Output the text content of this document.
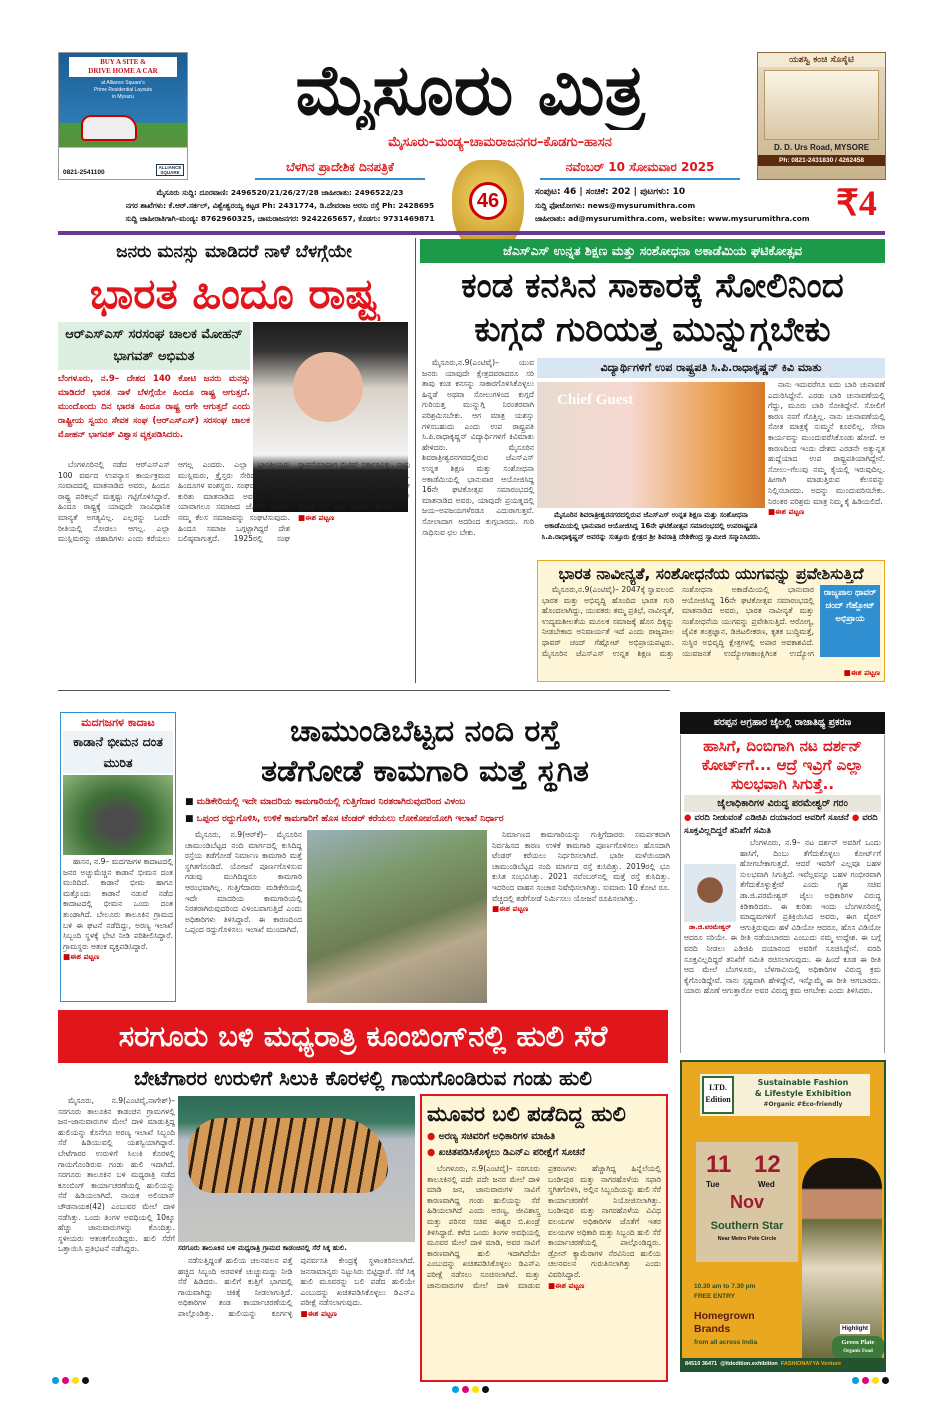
BUY A SITE &
DRIVE HOME A CAR
at Alliance Square's
Prime Residential Layouts
in Mysuru
0821-2541100
ALLIANCE SQUARE
ಮೈಸೂರು ಮಿತ್ರ
ಮೈಸೂರು–ಮಂಡ್ಯ–ಚಾಮರಾಜನಗರ–ಕೊಡಗು–ಹಾಸನ
ಬೆಳಗಿನ ಪ್ರಾದೇಶಿಕ ದಿನಪತ್ರಿಕೆ	ನವೆಂಬರ್ 10 ಸೋಮವಾರ 2025
46
ಮೈಸೂರು ಸುದ್ದಿ: ದೂರವಾಣಿ: 2496520/21/26/27/28 ಜಾಹೀರಾತು: 2496522/23
ನಗರ ಶಾಖೆಗಳು: ಕೆ.ಆರ್.ಸರ್ಕಲ್, ವಿಶ್ವೇಶ್ವರಯ್ಯ ಕಟ್ಟಡ Ph: 2431774, ಡಿ.ದೇವರಾಜ ಅರಸು ರಸ್ತೆ Ph: 2428695
ಸುದ್ದಿ ಜಾಹೀರಾತಿಗಾಗಿ–ಮಂಡ್ಯ: 8762960325, ಚಾಮರಾಜನಗರ: 9242265657, ಕೊಡಗು: 9731469871
ಸಂಪುಟ: 46 | ಸಂಚಿಕೆ: 202 | ಪುಟಗಳು: 10
ಸುದ್ದಿ ಫೋಟೋಗಳು: news@mysurumithra.com
ಜಾಹೀರಾತು: ad@mysurumithra.com, website: www.mysurumithra.com ₹4
ಯಶಸ್ವಿ ಕಂಚಿ ಸೊಸೈಟಿ
D. D. Urs Road, MYSORE
Ph: 0821-2431830 / 4262458
ಜನರು ಮನಸ್ಸು ಮಾಡಿದರೆ ನಾಳೆ ಬೆಳಗ್ಗೆಯೇ
ಭಾರತ ಹಿಂದೂ ರಾಷ್ಟ್ರ
ಆರ್‌ಎಸ್‌ಎಸ್ ಸರಸಂಘ ಚಾಲಕ ಮೋಹನ್ ಭಾಗವತ್ ಅಭಿಮತ
ಬೆಂಗಳೂರು, ನ.9– ದೇಶದ 140 ಕೋಟಿ ಜನರು ಮನಸ್ಸು ಮಾಡಿದರೆ ಭಾರತ ನಾಳೆ ಬೆಳಗ್ಗೆಯೇ ಹಿಂದೂ ರಾಷ್ಟ್ರ ಆಗುತ್ತದೆ. ಮುಂದೊಂದು ದಿನ ಭಾರತ ಹಿಂದೂ ರಾಷ್ಟ್ರ ಆಗೇ ಆಗುತ್ತದೆ ಎಂದು ರಾಷ್ಟ್ರೀಯ ಸ್ವಯಂ ಸೇವಕ ಸಂಘ (ಆರ್‌ಎಸ್‌ಎಸ್) ಸರಸಂಘ ಚಾಲಕ ಮೋಹನ್ ಭಾಗವತ್ ವಿಶ್ವಾಸ ವ್ಯಕ್ತಪಡಿಸಿದರು.

ಬೆಂಗಳೂರಿನಲ್ಲಿ ನಡೆದ ಆರ್‌ಎಸ್‌ಎಸ್ 100 ವರ್ಷದ ಉಪನ್ಯಾಸ ಕಾರ್ಯಕ್ರಮದ ಸಂವಾದದಲ್ಲಿ ಮಾತನಾಡಿದ ಅವರು, ಹಿಂದೂ ರಾಷ್ಟ್ರ ಪರಿಕಲ್ಪನೆ ಮತ್ತಷ್ಟು ಗಟ್ಟಿಗೊಳಿಸಿದ್ದಾರೆ. ಹಿಂದೂ ರಾಷ್ಟ್ರಕ್ಕೆ ಯಾವುದೇ ಸಾಂವಿಧಾನಿಕ ಮಾನ್ಯತೆ ಅಗತ್ಯವಿಲ್ಲ. ಎಲ್ಲರನ್ನು ಒಂದೇ ರೀತಿಯಲ್ಲಿ ನೋಡಲು ಆಗಲ್ಲ. ಎಲ್ಲಾ ಮುಸ್ಲಿಮರನ್ನು ಜಿಹಾದಿಗಳು ಎಂದು ಕರೆಯಲು ಆಗಲ್ಲ ಎಂದರು. ಎಲ್ಲಾ ಭಾರತೀಯರು ಮುಸ್ಲಿಮರು, ಕ್ರೈಸ್ತರು ಸೇರಿದಂತೆ ಎಲ್ಲರೂ ಹಿಂದೂಗಳ ವಂಶಸ್ಥರು. ಸಂಘದ ಬಗ್ಗೆ ಟೀಕೆಗಳ ಕುರಿತು ಮಾತನಾಡಿದ ಅವರು, ಸಂಘವು ಯಾವಾಗಲೂ ಸಮಾಜದ ಜೊತೆಗೆ ನಿಂತಿದೆ. ನಮ್ಮ ಕೆಲಸ ಸಮಾಜವನ್ನು ಸಂಘಟಿಸುವುದು. ಹಿಂದೂ ಸಮಾಜ ಒಗ್ಗಟ್ಟಾಗಿದ್ದರೆ ದೇಶ ಬಲಿಷ್ಠವಾಗುತ್ತದೆ. 1925ರಲ್ಲಿ ಸಂಘ ಸ್ಥಾಪನೆಯಾದಾಗ ಬ್ರಿಟಿಷ್ ಸರ್ಕಾರವಿತ್ತು. ನಾವು ಬ್ರಿಟಿಷರ ವಿರುದ್ಧ ಹೋರಾಟ ನಡೆಸಿದ್ದೇವೆ. ಸ್ವತಂತ್ರ ಭಾರತದ ಸರ್ಕಾರದ ಜೊತೆಗೆ ಸಂಘ ಯಾವುದೇ ಸಂಘರ್ಷ ಮಾಡಿಲ್ಲ. ಆರ್‌ಎಸ್‌ಎಸ್ ಸ್ವತಂತ್ರ ಸಂಸ್ಥೆ ಎಂದು ಕೋರ್ಟ್ ಹೇಳಿದೆ.

■ಈಶ ಪಟ್ಟಣ
ಜೆಎಸ್‌ಎಸ್ ಉನ್ನತ ಶಿಕ್ಷಣ ಮತ್ತು ಸಂಶೋಧನಾ ಅಕಾಡೆಮಿಯ ಘಟಿಕೋತ್ಸವ
ಕಂಡ ಕನಸಿನ ಸಾಕಾರಕ್ಕೆ ಸೋಲಿನಿಂದ
ಕುಗ್ಗದೆ ಗುರಿಯತ್ತ ಮುನ್ನುಗ್ಗಬೇಕು

ಮೈಸೂರು,ನ.9(ಎಂಟಿವೈ)– ಯುವ ಜನರು ಯಾವುದೇ ಕ್ಷೇತ್ರದವರಾದರೂ ಸರಿ ತಾವು ಕಂಡ ಕನಸನ್ನು ಸಾಕಾರಗೊಳಿಸಿಕೊಳ್ಳಲು ಹಿನ್ನಡೆ ಅಥವಾ ಸೋಲುಗಳಿಂದ ಕುಗ್ಗದೆ ಗುರಿಯತ್ತ ಮುನ್ನುಗ್ಗಿ ನಿರಂತರವಾಗಿ ಪರಿಶ್ರಮಿಸಬೇಕು. ಆಗ ಮಾತ್ರ ಯಶಸ್ಸು ಗಳಿಸಬಹುದು ಎಂದು ಉಪ ರಾಷ್ಟ್ರಪತಿ ಸಿ.ಪಿ.ರಾಧಾಕೃಷ್ಣನ್ ವಿದ್ಯಾರ್ಥಿಗಳಿಗೆ ಕಿವಿಮಾತು ಹೇಳಿದರು. ಮೈಸೂರಿನ ಶಿವರಾತ್ರೀಶ್ವರನಗರದಲ್ಲಿರುವ ಜೆಎಸ್‌ಎಸ್ ಉನ್ನತ ಶಿಕ್ಷಣ ಮತ್ತು ಸಂಶೋಧನಾ ಅಕಾಡೆಮಿಯಲ್ಲಿ ಭಾನುವಾರ ಆಯೋಜಿಸಿದ್ದ 16ನೇ ಘಟಿಕೋತ್ಸವ ಸಮಾರಂಭದಲ್ಲಿ ಮಾತನಾಡಿದ ಅವರು, ಯಾವುದೇ ಪ್ರಯತ್ನದಲ್ಲಿ ಜಯ–ಅಪಜಯಗಳೆರಡೂ ಎದುರಾಗುತ್ತವೆ. ಸೋಲಾದಾಗ ಅದರಿಂದ ಕುಗ್ಗಬಾರದು. ಗುರಿ ಸಾಧಿಸುವ ಛಲ ಬೇಕು.

ವಿದ್ಯಾರ್ಥಿಗಳಿಗೆ ಉಪ ರಾಷ್ಟ್ರಪತಿ ಸಿ.ಪಿ.ರಾಧಾಕೃಷ್ಣನ್ ಕಿವಿ ಮಾತು
Chief Guest
ಮೈಸೂರಿನ ಶಿವರಾತ್ರೀಶ್ವರನಗರದಲ್ಲಿರುವ ಜೆಎಸ್‌ಎಸ್ ಉನ್ನತ ಶಿಕ್ಷಣ ಮತ್ತು ಸಂಶೋಧನಾ ಅಕಾಡೆಮಿಯಲ್ಲಿ ಭಾನುವಾರ ಆಯೋಜಿಸಿದ್ದ 16ನೇ ಘಟಿಕೋತ್ಸವ ಸಮಾರಂಭದಲ್ಲಿ ಉಪರಾಷ್ಟ್ರಪತಿ ಸಿ.ಪಿ.ರಾಧಾಕೃಷ್ಣನ್ ಅವರನ್ನು ಸುತ್ತೂರು ಕ್ಷೇತ್ರದ ಶ್ರೀ ಶಿವರಾತ್ರಿ ದೇಶಿಕೇಂದ್ರ ಸ್ವಾಮೀಜಿ ಸನ್ಮಾನಿಸಿದರು.

ನಾನು ಇದುವರೆಗೂ ಐದು ಬಾರಿ ಚುನಾವಣೆ ಎದುರಿಸಿದ್ದೇನೆ. ಎರಡು ಬಾರಿ ಚುನಾವಣೆಯಲ್ಲಿ ಗೆದ್ದು, ಮೂರು ಬಾರಿ ಸೋತಿದ್ದೇನೆ. ಸೋಲಿಗೆ ಕಾರಣ ನನಗೆ ಗೊತ್ತಿಲ್ಲ. ನಾನು ಚುನಾವಣೆಯಲ್ಲಿ ಸೋತ ಮಾತ್ರಕ್ಕೆ ಸುಮ್ಮನೆ ಕೂರಲಿಲ್ಲ. ಸೇವಾ ಕಾರ್ಯವನ್ನು ಮುಂದುವರೆಸಿಕೊಂಡು ಹೋದೆ. ಆ ಕಾರಣದಿಂದ ಇಂದು ದೇಶದ ಎರಡನೇ ಅತ್ಯುನ್ನತ ಹುದ್ದೆಯಾದ ಉಪ ರಾಷ್ಟ್ರಪತಿಯಾಗಿದ್ದೇನೆ. ಸೋಲು–ಗೆಲುವು ನಮ್ಮ ಕೈಯಲ್ಲಿ ಇರುವುದಿಲ್ಲ. ಹೀಗಾಗಿ ಮಾಡುತ್ತಿರುವ ಕೆಲಸವನ್ನು ನಿಲ್ಲಿಸಬಾರದು. ಅದನ್ನು ಮುಂದುವರಿಸಬೇಕು. ನಿರಂತರ ಪರಿಶ್ರಮ ಮಾತ್ರ ನಿಮ್ಮ ಕೈ ಹಿಡಿಯಲಿದೆ.

■ಈಶ ಪಟ್ಟಣ
ಭಾರತ ನಾವೀನ್ಯತೆ, ಸಂಶೋಧನೆಯ ಯುಗವನ್ನು ಪ್ರವೇಶಿಸುತ್ತಿದೆ

ಮೈಸೂರು,ನ.9(ಎಂಟಿವೈ)– 2047ಕ್ಕೆ ಸ್ವಾವಲಂಬಿ ಭಾರತ ಮತ್ತು ಅಭಿವೃದ್ಧಿ ಹೊಂದಿದ ಭಾರತ ಗುರಿ ಹೊಂದಲಾಗಿದ್ದು, ಯುವಕರು ತಮ್ಮ ಪ್ರತಿಭೆ, ನಾವೀನ್ಯತೆ, ಉದ್ಯಮಶೀಲತೆಯ ಮೂಲಕ ಸಮಾಜಕ್ಕೆ ಹೊಸ ದಿಕ್ಕನ್ನು ನೀಡಬೇಕಾದ ಅನಿವಾರ್ಯತೆ ಇದೆ ಎಂದು ರಾಜ್ಯಪಾಲ ಥಾವರ್ ಚಂದ್ ಗೆಹ್ಲೋಟ್ ಅಭಿಪ್ರಾಯಪಟ್ಟರು. ಮೈಸೂರಿನ ಜೆಎಸ್‌ಎಸ್ ಉನ್ನತ ಶಿಕ್ಷಣ ಮತ್ತು ಸಂಶೋಧನಾ ಅಕಾಡೆಮಿಯಲ್ಲಿ ಭಾನುವಾರ ಆಯೋಜಿಸಿದ್ದ 16ನೇ ಘಟಿಕೋತ್ಸವ ಸಮಾರಂಭದಲ್ಲಿ ಮಾತನಾಡಿದ ಅವರು, ಭಾರತ ನಾವೀನ್ಯತೆ ಮತ್ತು ಸಂಶೋಧನೆಯ ಯುಗವನ್ನು ಪ್ರವೇಶಿಸುತ್ತಿದೆ. ಆರೋಗ್ಯ, ಜೈವಿಕ ತಂತ್ರಜ್ಞಾನ, ಡಿಜಿಟಲೀಕರಣ, ಕೃತಕ ಬುದ್ಧಿಮತ್ತೆ, ಸುಸ್ಥಿರ ಅಭಿವೃದ್ಧಿ ಕ್ಷೇತ್ರಗಳಲ್ಲಿ ಅಪಾರ ಅವಕಾಶವಿದೆ. ಯುವಜನತೆ ಉದ್ಯೋಗಾಕಾಂಕ್ಷಿಗಿಂತ ಉದ್ಯೋಗ

ರಾಜ್ಯಪಾಲ ಥಾವರ್ ಚಂದ್ ಗೆಹ್ಲೋಟ್ ಅಭಿಪ್ರಾಯ
■ಈಶ ಪಟ್ಟಣ
ಮದಗಜಗಳ ಕಾದಾಟ
ಕಾಡಾನೆ ಭೀಮನ ದಂತ ಮುರಿತ

ಹಾಸನ, ನ.9– ಮದಗಜಗಳ ಕಾದಾಟದಲ್ಲಿ ಜನರ ಅಚ್ಚುಮೆಚ್ಚಿನ ಕಾಡಾನೆ ಭೀಮನ ದಂತ ಮುರಿದಿದೆ. ಕಾಡಾನೆ ಭೀಮ ಹಾಗೂ ಮತ್ತೊಂದು ಕಾಡಾನೆ ನಡುವೆ ನಡೆದ ಕಾದಾಟದಲ್ಲಿ ಭೀಮನ ಒಂದು ದಂತ ತುಂಡಾಗಿದೆ. ಬೇಲೂರು ತಾಲೂಕಿನ ಗ್ರಾಮದ ಬಳಿ ಈ ಘಟನೆ ನಡೆದಿದ್ದು, ಅರಣ್ಯ ಇಲಾಖೆ ಸಿಬ್ಬಂದಿ ಸ್ಥಳಕ್ಕೆ ಭೇಟಿ ನೀಡಿ ಪರಿಶೀಲಿಸಿದ್ದಾರೆ. ಗ್ರಾಮಸ್ಥರು ಆತಂಕ ವ್ಯಕ್ತಪಡಿಸಿದ್ದಾರೆ.

■ಈಶ ಪಟ್ಟಣ
ಚಾಮುಂಡಿಬೆಟ್ಟದ ನಂದಿ ರಸ್ತೆ
ತಡೆಗೋಡೆ ಕಾಮಗಾರಿ ಮತ್ತೆ ಸ್ಥಗಿತ
■ ಮಡಿಕೇರಿಯಲ್ಲಿ ಇದೇ ಮಾದರಿಯ ಕಾಮಗಾರಿಯಲ್ಲಿ ಗುತ್ತಿಗೆದಾರ ನಿರತರಾಗಿರುವುದರಿಂದ ವಿಳಂಬ
■ ಒಪ್ಪಂದ ರದ್ದುಗೊಳಿಸಿ, ಉಳಿಕೆ ಕಾಮಗಾರಿಗೆ ಹೊಸ ಟೆಂಡರ್ ಕರೆಯಲು ಲೋಕೋಪಯೋಗಿ ಇಲಾಖೆ ನಿರ್ಧಾರ

ಮೈಸೂರು, ನ.9(ಆರ್‌ಕೆ)– ಮೈಸೂರಿನ ಚಾಮುಂಡಿಬೆಟ್ಟದ ನಂದಿ ಮಾರ್ಗದಲ್ಲಿ ಕುಸಿದಿದ್ದ ರಸ್ತೆಯ ತಡೆಗೋಡೆ ನಿರ್ಮಾಣ ಕಾಮಗಾರಿ ಮತ್ತೆ ಸ್ಥಗಿತಗೊಂಡಿದೆ. ಯೋಜನೆ ಪೂರ್ಣಗೊಳಿಸುವ ಗಡುವು ಮುಗಿದಿದ್ದರೂ ಕಾಮಗಾರಿ ಆರಂಭವಾಗಿಲ್ಲ. ಗುತ್ತಿಗೆದಾರರು ಮಡಿಕೇರಿಯಲ್ಲಿ ಇದೇ ಮಾದರಿಯ ಕಾಮಗಾರಿಯಲ್ಲಿ ನಿರತರಾಗಿರುವುದರಿಂದ ವಿಳಂಬವಾಗುತ್ತಿದೆ ಎಂದು ಅಧಿಕಾರಿಗಳು ತಿಳಿಸಿದ್ದಾರೆ. ಈ ಕಾರಣದಿಂದ ಒಪ್ಪಂದ ರದ್ದುಗೊಳಿಸಲು ಇಲಾಖೆ ಮುಂದಾಗಿದೆ.

ನಿರ್ಮಾಣದ ಕಾಮಗಾರಿಯನ್ನು ಗುತ್ತಿಗೆದಾರರು ಸಮರ್ಪಕವಾಗಿ ನಿರ್ವಹಿಸದ ಕಾರಣ ಉಳಿಕೆ ಕಾಮಗಾರಿ ಪೂರ್ಣಗೊಳಿಸಲು ಹೊಸದಾಗಿ ಟೆಂಡರ್ ಕರೆಯಲು ನಿರ್ಧರಿಸಲಾಗಿದೆ. ಭಾರೀ ಮಳೆಯಿಂದಾಗಿ ಚಾಮುಂಡಿಬೆಟ್ಟದ ನಂದಿ ಮಾರ್ಗದ ರಸ್ತೆ ಕುಸಿದಿತ್ತು. 2019ರಲ್ಲಿ ಭೂ ಕುಸಿತ ಸಂಭವಿಸಿತ್ತು. 2021 ನವೆಂಬರ್‌ನಲ್ಲಿ ಮತ್ತೆ ರಸ್ತೆ ಕುಸಿದಿತ್ತು. ಇದರಿಂದ ವಾಹನ ಸಂಚಾರ ನಿಷೇಧಿಸಲಾಗಿತ್ತು. ಸುಮಾರು 10 ಕೋಟಿ ರೂ. ವೆಚ್ಚದಲ್ಲಿ ತಡೆಗೋಡೆ ನಿರ್ಮಿಸಲು ಯೋಜನೆ ರೂಪಿಸಲಾಗಿತ್ತು.

■ಈಶ ಪಟ್ಟಣ
ಪರಪ್ಪನ ಅಗ್ರಹಾರ ಜೈಲಲ್ಲಿ ರಾಜಾತಿಥ್ಯ ಪ್ರಕರಣ
ಹಾಸಿಗೆ, ದಿಂಬಿಗಾಗಿ ನಟ ದರ್ಶನ್ ಕೋರ್ಟ್‌ಗೆ... ಆದ್ರೆ ಇವ್ರಿಗೆ ಎಲ್ಲಾ ಸುಲಭವಾಗಿ ಸಿಗುತ್ತೆ..
ಜೈಲಾಧಿಕಾರಿಗಳ ವಿರುದ್ಧ ಪರಮೇಶ್ವರ್ ಗರಂ
● ವರದಿ ನೀಡುವಂತೆ ಎಡಿಜಿಪಿ ದಯಾನಂದ ಅವರಿಗೆ ಸೂಚನೆ ● ವರದಿ ಸೂಕ್ತವಿಲ್ಲದಿದ್ದರೆ ತನಿಖೆಗೆ ಸಮಿತಿ
ಡಾ.ಜಿ.ಪರಮೇಶ್ವರ್

ಬೆಂಗಳೂರು, ನ.9– ನಟ ದರ್ಶನ್ ಅವರಿಗೆ ಒಂದು ಹಾಸಿಗೆ, ದಿಂಬು ತೆಗೆದುಕೊಳ್ಳಲು ಕೋರ್ಟ್‌ಗೆ ಹೋಗಬೇಕಾಗುತ್ತದೆ. ಆದರೆ ಇವರಿಗೆ ಎಲ್ಲವೂ ಬಹಳ ಸುಲಭವಾಗಿ ಸಿಗುತ್ತಿದೆ. ಇವೆಲ್ಲವನ್ನೂ ಬಹಳ ಗಂಭೀರವಾಗಿ ತೆಗೆದುಕೊಳ್ಳುತ್ತೇವೆ ಎಂದು ಗೃಹ ಸಚಿವ ಡಾ.ಜಿ.ಪರಮೇಶ್ವರ್ ಜೈಲು ಅಧಿಕಾರಿಗಳ ವಿರುದ್ಧ ಕಿಡಿಕಾರಿದರು. ಈ ಕುರಿತು ಇಂದು ಬೆಂಗಳೂರಿನಲ್ಲಿ ಮಾಧ್ಯಮಗಳಿಗೆ ಪ್ರತಿಕ್ರಿಯಿಸಿದ ಅವರು, ಈಗ ವೈರಲ್ ಆಗುತ್ತಿರುವುದು ಹಳೆ ವಿಡಿಯೋ ಆದರೂ, ಹೊಸ ವಿಡಿಯೋ ಆದರೂ ಸರಿಯೇ. ಈ ರೀತಿ ನಡೆಯಬಾರದು ಎಂಬುದು ನಮ್ಮ ಉದ್ದೇಶ. ಈ ಬಗ್ಗೆ ವರದಿ ನೀಡಲು ಎಡಿಜಿಪಿ ದಯಾನಂದ ಅವರಿಗೆ ಸೂಚಿಸಿದ್ದೇನೆ. ವರದಿ ಸೂಕ್ತವಿಲ್ಲದಿದ್ದರೆ ತನಿಖೆಗೆ ಸಮಿತಿ ರಚಿಸಲಾಗುವುದು. ಈ ಹಿಂದೆ ಕೂಡ ಈ ರೀತಿ ಆದ ಮೇಲೆ ಬೆಂಗಳೂರು, ಬೆಳಗಾವಿಯಲ್ಲಿ ಅಧಿಕಾರಿಗಳ ವಿರುದ್ಧ ಕ್ರಮ ಕೈಗೊಂಡಿದ್ದೇವೆ. ನಾನು ಸ್ಪಷ್ಟವಾಗಿ ಹೇಳಿದ್ದೇನೆ, ಇನ್ನೊಮ್ಮೆ ಈ ರೀತಿ ಆಗಬಾರದು. ಯಾರು ಹೊಣೆ ಆಗುತ್ತಾರೋ ಅವರ ವಿರುದ್ಧ ಕ್ರಮ ಆಗಬೇಕು ಎಂದು ತಿಳಿಸಿದರು.

ಸರಗೂರು ಬಳಿ ಮಧ್ಯರಾತ್ರಿ ಕೂಂಬಿಂಗ್‌ನಲ್ಲಿ ಹುಲಿ ಸೆರೆ
ಬೇಟೆಗಾರರ ಉರುಳಿಗೆ ಸಿಲುಕಿ ಕೊರಳಲ್ಲಿ ಗಾಯಗೊಂಡಿರುವ ಗಂಡು ಹುಲಿ

ಮೈಸೂರು, ನ.9(ಎಂಟಿವೈ,ನಾಗೇಶ್)– ಸರಗೂರು ತಾಲೂಕಿನ ಕಾಡಂಚಿನ ಗ್ರಾಮಗಳಲ್ಲಿ ಜನ–ಜಾನುವಾರುಗಳ ಮೇಲೆ ದಾಳಿ ಮಾಡುತ್ತಿದ್ದ ಹುಲಿಯನ್ನು ಕೊನೆಗೂ ಅರಣ್ಯ ಇಲಾಖೆ ಸಿಬ್ಬಂದಿ ಸೆರೆ ಹಿಡಿಯುವಲ್ಲಿ ಯಶಸ್ವಿಯಾಗಿದ್ದಾರೆ. ಬೇಟೆಗಾರರ ಉರುಳಿಗೆ ಸಿಲುಕಿ ಕೊರಳಲ್ಲಿ ಗಾಯಗೊಂಡಿರುವ ಗಂಡು ಹುಲಿ ಇದಾಗಿದೆ. ಸರಗೂರು ತಾಲೂಕಿನ ಬಳಿ ಮಧ್ಯರಾತ್ರಿ ನಡೆದ ಕೂಂಬಿಂಗ್ ಕಾರ್ಯಾಚರಣೆಯಲ್ಲಿ ಹುಲಿಯನ್ನು ಸೆರೆ ಹಿಡಿಯಲಾಗಿದೆ. ನಾಯಕ ಅಲಿಯಾಸ್ ಚೌಡನಾಯಕ(42) ಎಂಬುವರ ಮೇಲೆ ದಾಳಿ ನಡೆಸಿತ್ತು. ಒಂದು ತಿಂಗಳ ಅವಧಿಯಲ್ಲಿ 10ಕ್ಕೂ ಹೆಚ್ಚು ಜಾನುವಾರುಗಳನ್ನು ಕೊಂದಿತ್ತು. ಸ್ಥಳೀಯರು ಆತಂಕಗೊಂಡಿದ್ದರು. ಹುಲಿ ಸೆರೆಗೆ ಒತ್ತಾಯಿಸಿ ಪ್ರತಿಭಟನೆ ನಡೆಸಿದ್ದರು.	ಸರಗೂರು ತಾಲೂಕಿನ ಬಳಿ ಮಧ್ಯರಾತ್ರಿ ಗ್ರಾಮದ ಕಾಡಂಚಿನಲ್ಲಿ ಸೆರೆ ಸಿಕ್ಕ ಹುಲಿ.

ನಡೆಸುತ್ತಿದ್ದಂತೆ ಹುಲಿಯ ಚಲನವಲನ ಪತ್ತೆ ಹಚ್ಚಿದ ಸಿಬ್ಬಂದಿ ಅರವಳಿಕೆ ಚುಚ್ಚುಮದ್ದು ನೀಡಿ ಸೆರೆ ಹಿಡಿದರು. ಹುಲಿಗೆ ಕುತ್ತಿಗೆ ಭಾಗದಲ್ಲಿ ಗಾಯವಾಗಿದ್ದು ಚಿಕಿತ್ಸೆ ನೀಡಲಾಗುತ್ತಿದೆ. ಅಧಿಕಾರಿಗಳ ತಂಡ ಕಾರ್ಯಾಚರಣೆಯಲ್ಲಿ ಪಾಲ್ಗೊಂಡಿತ್ತು. ಹುಲಿಯನ್ನು ಕೂರ್ಗಳ್ಳಿ ಪುನರ್ವಸತಿ ಕೇಂದ್ರಕ್ಕೆ ಸ್ಥಳಾಂತರಿಸಲಾಗಿದೆ. ಜನಸಾಮಾನ್ಯರು ನಿಟ್ಟುಸಿರು ಬಿಟ್ಟಿದ್ದಾರೆ. ಸೆರೆ ಸಿಕ್ಕ ಹುಲಿ ಮೂವರನ್ನು ಬಲಿ ಪಡೆದ ಹುಲಿಯೇ ಎಂಬುದನ್ನು ಖಚಿತಪಡಿಸಿಕೊಳ್ಳಲು ಡಿಎನ್‌ಎ ಪರೀಕ್ಷೆ ನಡೆಸಲಾಗುವುದು.

■ಈಶ ಪಟ್ಟಣ
ಮೂವರ ಬಲಿ ಪಡೆದಿದ್ದ ಹುಲಿ
● ಅರಣ್ಯ ಸಚಿವರಿಗೆ ಅಧಿಕಾರಿಗಳ ಮಾಹಿತಿ
● ಖಚಿತಪಡಿಸಿಕೊಳ್ಳಲು ಡಿಎನ್‌ಎ ಪರೀಕ್ಷೆಗೆ ಸೂಚನೆ

ಬೆಂಗಳೂರು, ನ.9(ಎಂಟಿವೈ)– ಸರಗೂರು ತಾಲೂಕಿನಲ್ಲಿ ಪದೇ ಪದೇ ಜನರ ಮೇಲೆ ದಾಳಿ ಮಾಡಿ ಜನ, ಜಾನುವಾರುಗಳ ಸಾವಿಗೆ ಕಾರಣವಾಗಿದ್ದ ಗಂಡು ಹುಲಿಯನ್ನು ಸೆರೆ ಹಿಡಿಯಲಾಗಿದೆ ಎಂದು ಅರಣ್ಯ, ಜೀವಿಶಾಸ್ತ್ರ ಮತ್ತು ಪರಿಸರ ಸಚಿವ ಈಶ್ವರ ಬಿ.ಖಂಡ್ರೆ ತಿಳಿಸಿದ್ದಾರೆ. ಕಳೆದ ಒಂದು ತಿಂಗಳ ಅವಧಿಯಲ್ಲಿ ಮೂವರ ಮೇಲೆ ದಾಳಿ ಮಾಡಿ, ಅವರ ಸಾವಿಗೆ ಕಾರಣವಾಗಿದ್ದ ಹುಲಿ ಇದಾಗಿದೆಯೇ ಎಂಬುದನ್ನು ಖಚಿತಪಡಿಸಿಕೊಳ್ಳಲು ಡಿಎನ್‌ಎ ಪರೀಕ್ಷೆ ನಡೆಸಲು ಸೂಚಿಸಲಾಗಿದೆ. ಮತ್ತು ಜಾನುವಾರುಗಳ ಮೇಲೆ ದಾಳಿ ಮಾಡುವ ಪ್ರಕರಣಗಳು ಹೆಚ್ಚಾಗಿದ್ದ ಹಿನ್ನೆಲೆಯಲ್ಲಿ ಬಂಡೀಪುರ ಮತ್ತು ನಾಗರಹೊಳೆಯ ಸಫಾರಿ ಸ್ಥಗಿತಗೊಳಿಸಿ, ಅಲ್ಲಿನ ಸಿಬ್ಬಂದಿಯನ್ನು ಹುಲಿ ಸೆರೆ ಕಾರ್ಯಾಚರಣೆಗೆ ನಿಯೋಜಿಸಲಾಗಿತ್ತು. ಬಂಡೀಪುರ ಮತ್ತು ನಾಗರಹೊಳೆಯ ವಿವಿಧ ವಲಯಗಳ ಅಧಿಕಾರಿಗಳ ಜೊತೆಗೆ ಇತರ ವಲಯಗಳ ಅಧಿಕಾರಿ ಮತ್ತು ಸಿಬ್ಬಂದಿ ಹುಲಿ ಸೆರೆ ಕಾರ್ಯಾಚರಣೆಯಲ್ಲಿ ಪಾಲ್ಗೊಂಡಿದ್ದರು. ಡ್ರೋನ್ ಕ್ಯಾಮೆರಾಗಳ ನೆರವಿನಿಂದ ಹುಲಿಯ ಚಲನವಲನ ಗುರುತಿಸಲಾಗಿತ್ತು ಎಂದು ವಿವರಿಸಿದ್ದಾರೆ.

■ಈಶ ಪಟ್ಟಣ
LTD. Edition
Sustainable Fashion
& Lifestyle Exhibition
#Organic #Eco-friendly
11 12
Tue	Wed
Nov
Southern Star
Near Metro Pole Circle
10.30 am to 7.30 pm
FREE ENTRY
Homegrown
Brands
from all across India
Highlight
Green Plate
Organic Food
84510 36471 @ltdedition.exhibition FASHIONAYYA Venture
